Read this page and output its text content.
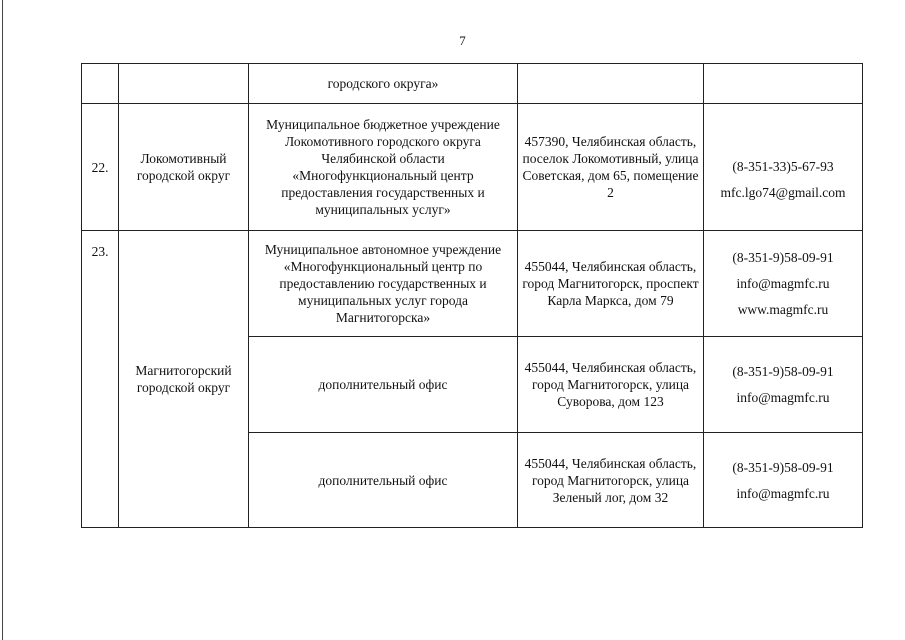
7
		городского округа»		
22.	Локомотивный городской округ	Муниципальное бюджетное учреждение Локомотивного городского округа Челябинской области «Многофункциональный центр предоставления государственных и муниципальных услуг»	457390, Челябинская область, поселок Локомотивный, улица Советская, дом 65, помещение 2	(8-351-33)5-67-93
mfc.lgo74@gmail.com

23.	Магнитогорский городской округ	Муниципальное автономное учреждение «Многофункциональный центр по предоставлению государственных и муниципальных услуг города Магнитогорска»	455044, Челябинская область, город Магнитогорск, проспект Карла Маркса, дом 79	(8-351-9)58-09-91
info@magmfc.ru
www.magmfc.ru

		дополнительный офис	455044, Челябинская область, город Магнитогорск, улица Суворова, дом 123	(8-351-9)58-09-91
info@magmfc.ru

		дополнительный офис	455044, Челябинская область, город Магнитогорск, улица Зеленый лог, дом 32	(8-351-9)58-09-91
info@magmfc.ru
